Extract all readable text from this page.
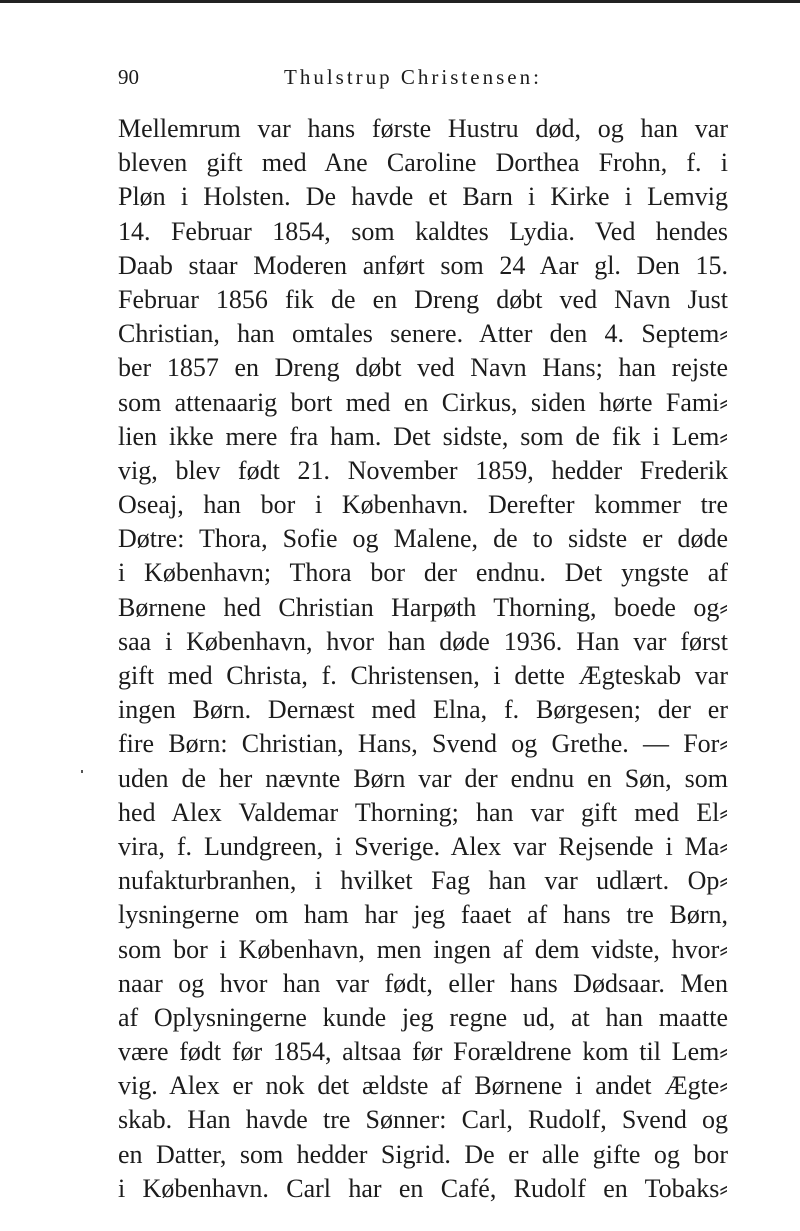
90	Thulstrup Christensen:
Mellemrum var hans første Hustru død, og han var
bleven gift med Ane Caroline Dorthea Frohn, f. i
Pløn i Holsten. De havde et Barn i Kirke i Lemvig
14. Februar 1854, som kaldtes Lydia. Ved hendes
Daab staar Moderen anført som 24 Aar gl. Den 15.
Februar 1856 fik de en Dreng døbt ved Navn Just
Christian, han omtales senere. Atter den 4. Septem⸗
ber 1857 en Dreng døbt ved Navn Hans; han rejste
som attenaarig bort med en Cirkus, siden hørte Fami⸗
lien ikke mere fra ham. Det sidste, som de fik i Lem⸗
vig, blev født 21. November 1859, hedder Frederik
Oseaj, han bor i København. Derefter kommer tre
Døtre: Thora, Sofie og Malene, de to sidste er døde
i København; Thora bor der endnu. Det yngste af
Børnene hed Christian Harpøth Thorning, boede og⸗
saa i København, hvor han døde 1936. Han var først
gift med Christa, f. Christensen, i dette Ægteskab var
ingen Børn. Dernæst med Elna, f. Børgesen; der er
fire Børn: Christian, Hans, Svend og Grethe. — For⸗
uden de her nævnte Børn var der endnu en Søn, som
hed Alex Valdemar Thorning; han var gift med El⸗
vira, f. Lundgreen, i Sverige. Alex var Rejsende i Ma⸗
nufakturbranhen, i hvilket Fag han var udlært. Op⸗
lysningerne om ham har jeg faaet af hans tre Børn,
som bor i København, men ingen af dem vidste, hvor⸗
naar og hvor han var født, eller hans Dødsaar. Men
af Oplysningerne kunde jeg regne ud, at han maatte
være født før 1854, altsaa før Forældrene kom til Lem⸗
vig. Alex er nok det ældste af Børnene i andet Ægte⸗
skab. Han havde tre Sønner: Carl, Rudolf, Svend og
en Datter, som hedder Sigrid. De er alle gifte og bor
i København. Carl har en Café, Rudolf en Tobaks⸗
